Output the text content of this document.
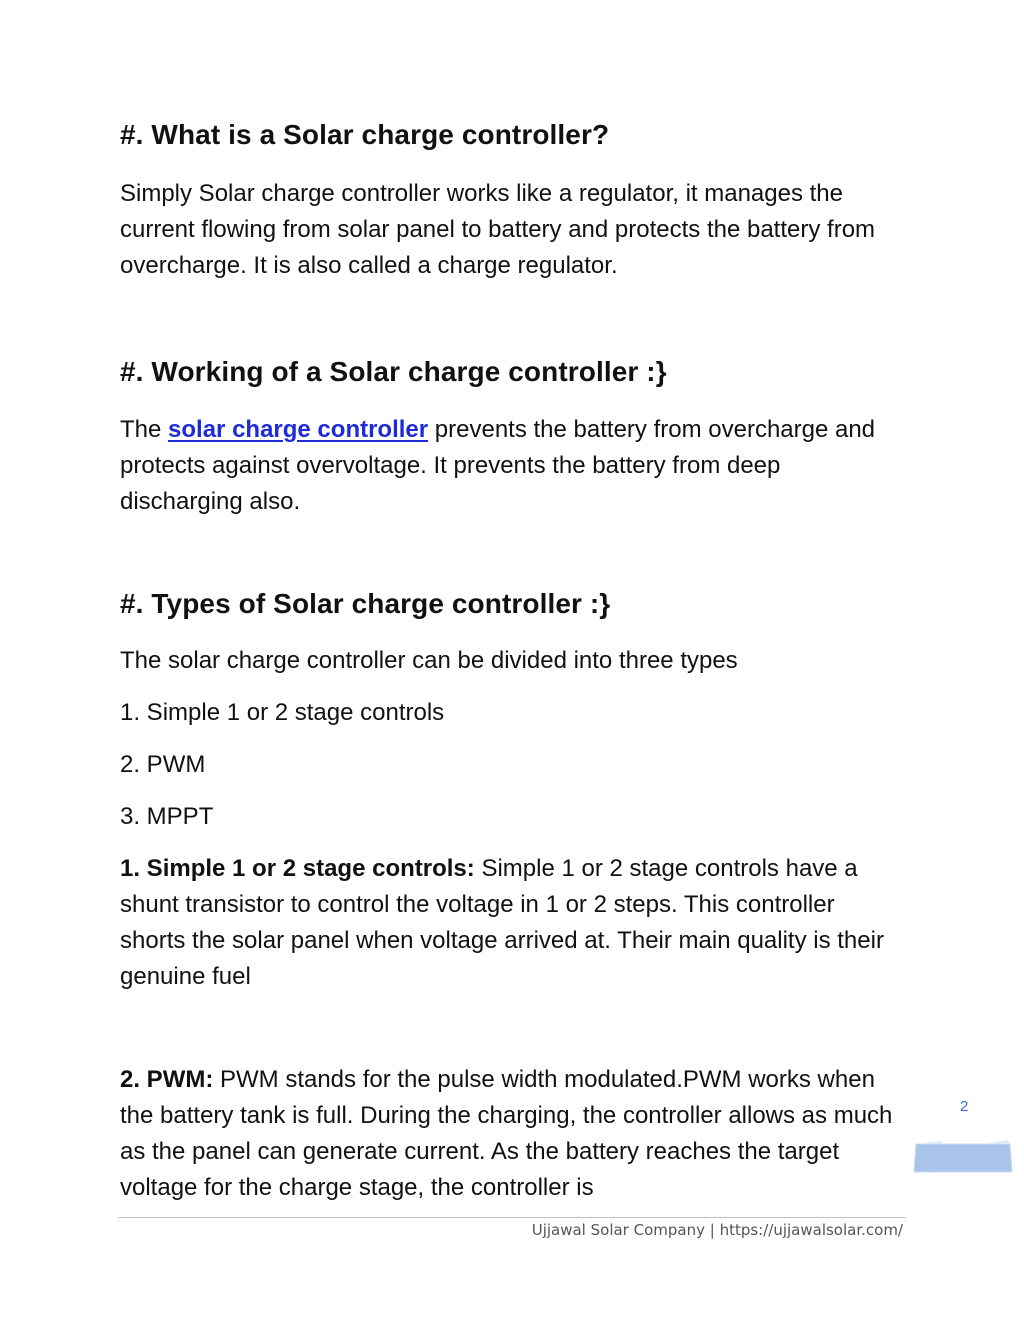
#. What is a Solar charge controller?

Simply Solar charge controller works like a regulator, it manages the current flowing from solar panel to battery and protects the battery from overcharge. It is also called a charge regulator.

#. Working of a Solar charge controller :}

The solar charge controller prevents the battery from overcharge and protects against overvoltage. It prevents the battery from deep discharging also.

#. Types of Solar charge controller :}

The solar charge controller can be divided into three types

1. Simple 1 or 2 stage controls

2. PWM

3. MPPT

1. Simple 1 or 2 stage controls: Simple 1 or 2 stage controls have a shunt transistor to control the voltage in 1 or 2 steps. This controller shorts the solar panel when voltage arrived at. Their main quality is their genuine fuel

2. PWM: PWM stands for the pulse width modulated.PWM works when the battery tank is full. During the charging, the controller allows as much as the panel can generate current. As the battery reaches the target voltage for the charge stage, the controller is

2
Ujjawal Solar Company | https://ujjawalsolar.com/
